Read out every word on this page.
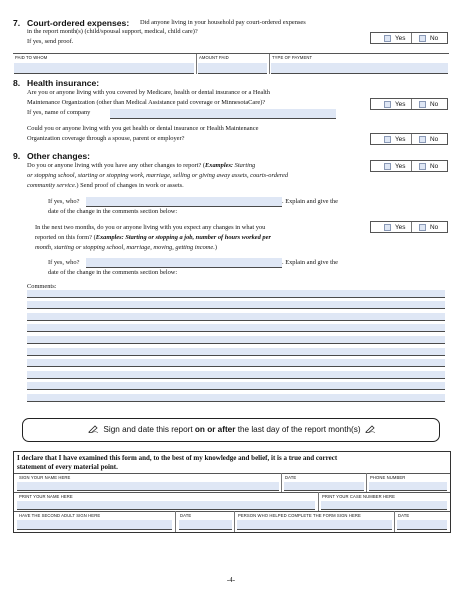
7. Court-ordered expenses: Did anyone living in your household pay court-ordered expenses
in the report month(s) (child/spousal support, medical, child care)?
If yes, send proof.	Yes	No
PAID TO WHOM	AMOUNT PAID	TYPE OF PAYMENT
8. Health insurance:
Are you or anyone living with you covered by Medicare, health or dental insurance or a Health
Maintenance Organization (other than Medical Assistance paid coverage or MinnesotaCare)?
If yes, name of company
Could you or anyone living with you get health or dental insurance or Health Maintenance
Organization coverage through a spouse, parent or employer?
Yes	No
Yes	No
9. Other changes:
Do you or anyone living with you have any other changes to report? (Examples: Starting
or stopping school, starting or stopping work, marriage, selling or giving away assets, courts-ordered
community service.) Send proof of changes in work or assets.
Yes	No
If yes, who?	. Explain and give the
date of the change in the comments section below:
In the next two months, do you or anyone living with you expect any changes in what you
reported on this form? (Examples: Starting or stopping a job, number of hours worked per
month, starting or stopping school, marriage, moving, getting income.)
Yes	No
If yes, who?	. Explain and give the
date of the change in the comments section below:
Comments:
Sign and date this report on or after the last day of the report month(s)
I declare that I have examined this form and, to the best of my knowledge and belief, it is a true and correct
statement of every material point.
SIGN YOUR NAME HERE	DATE	PHONE NUMBER
PRINT YOUR NAME HERE	PRINT YOUR CASE NUMBER HERE
HAVE THE SECOND ADULT SIGN HERE	DATE	PERSON WHO HELPED COMPLETE THE FORM SIGN HERE	DATE
-4-
